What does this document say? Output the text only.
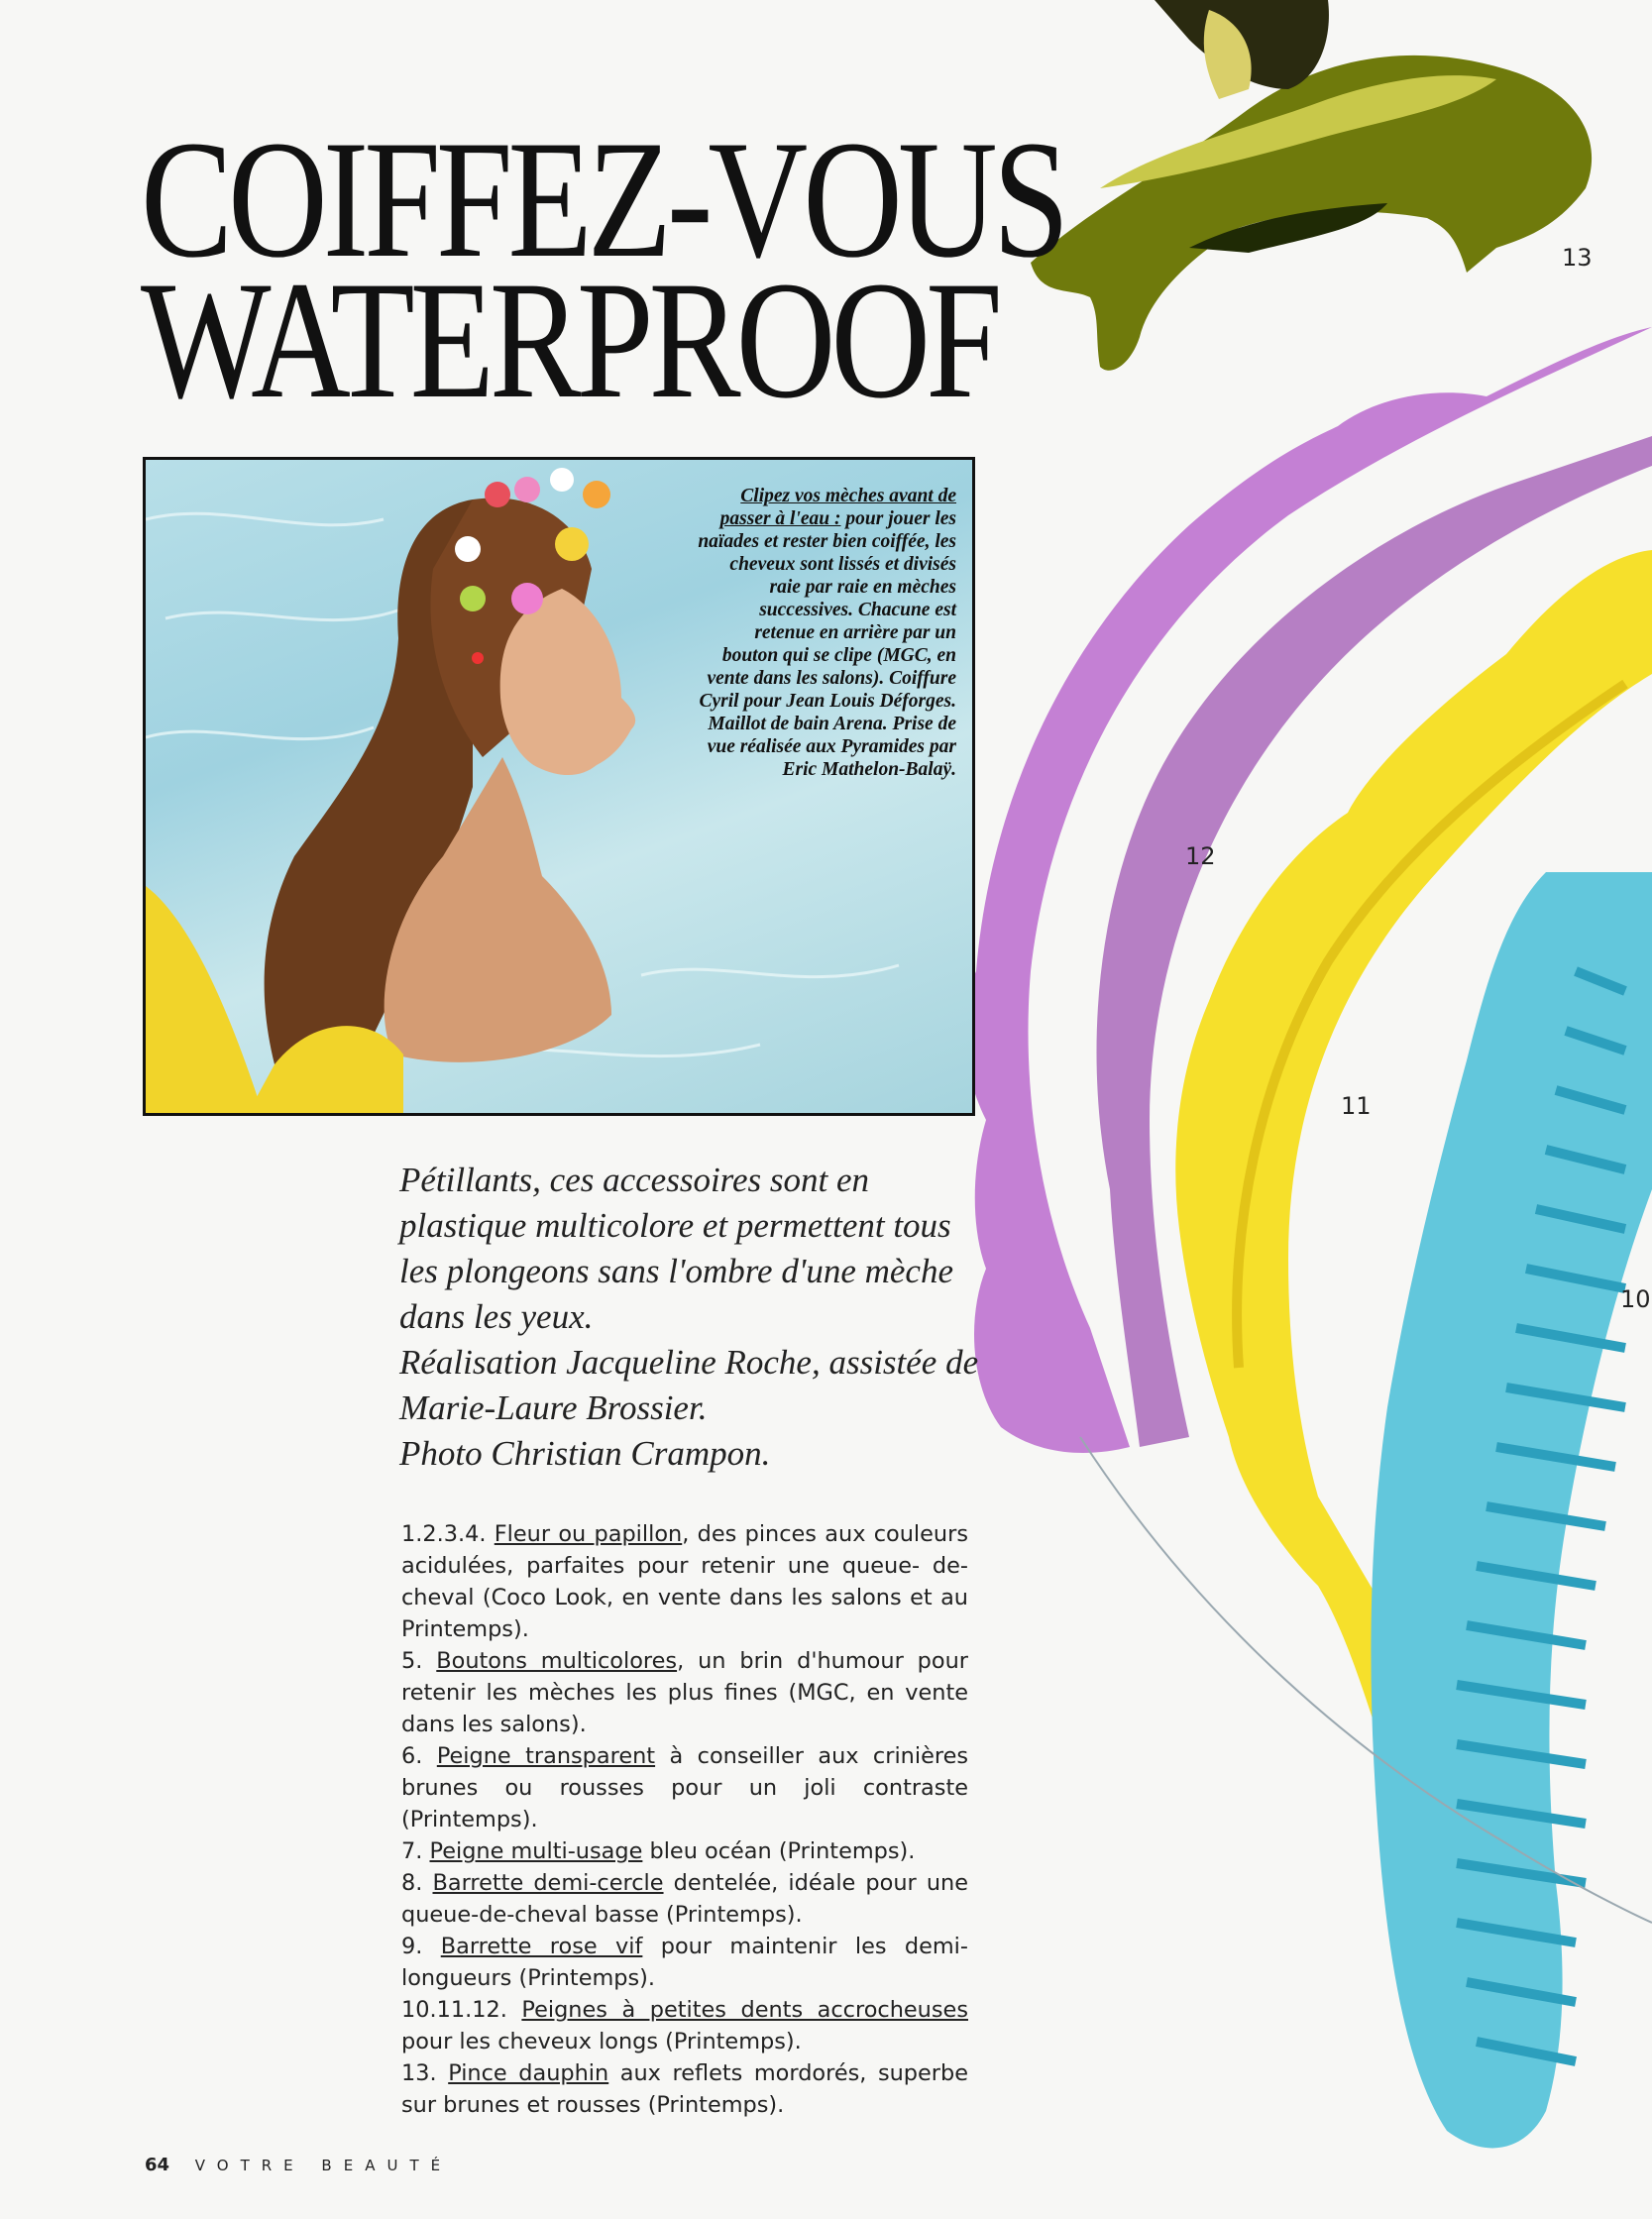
13
12
11
10
COIFFEZ-VOUS
WATERPROOF
Clipez vos mèches avant de passer à l'eau : pour jouer les naïades et rester bien coiffée, les cheveux sont lissés et divisés raie par raie en mèches successives. Chacune est retenue en arrière par un bouton qui se clipe (MGC, en vente dans les salons). Coiffure Cyril pour Jean Louis Déforges. Maillot de bain Arena. Prise de vue réalisée aux Pyramides par Eric Mathelon-Balaÿ.

Pétillants, ces accessoires sont en plastique multicolore et permettent tous les plongeons sans l'ombre d'une mèche dans les yeux.

Réalisation Jacqueline Roche, assistée de Marie-Laure Brossier.

Photo Christian Crampon.

1.2.3.4. Fleur ou papillon, des pinces aux couleurs acidulées, parfaites pour retenir une queue- de-cheval (Coco Look, en vente dans les salons et au Printemps).

5. Boutons multicolores, un brin d'humour pour retenir les mèches les plus fines (MGC, en vente dans les salons).

6. Peigne transparent à conseiller aux crinières brunes ou rousses pour un joli contraste (Printemps).

7. Peigne multi-usage bleu océan (Printemps).

8. Barrette demi-cercle dentelée, idéale pour une queue-de-cheval basse (Printemps).

9. Barrette rose vif pour maintenir les demi-longueurs (Printemps).

10.11.12. Peignes à petites dents accrocheuses pour les cheveux longs (Printemps).

13. Pince dauphin aux reflets mordorés, superbe sur brunes et rousses (Printemps).

64 VOTRE BEAUTÉ
